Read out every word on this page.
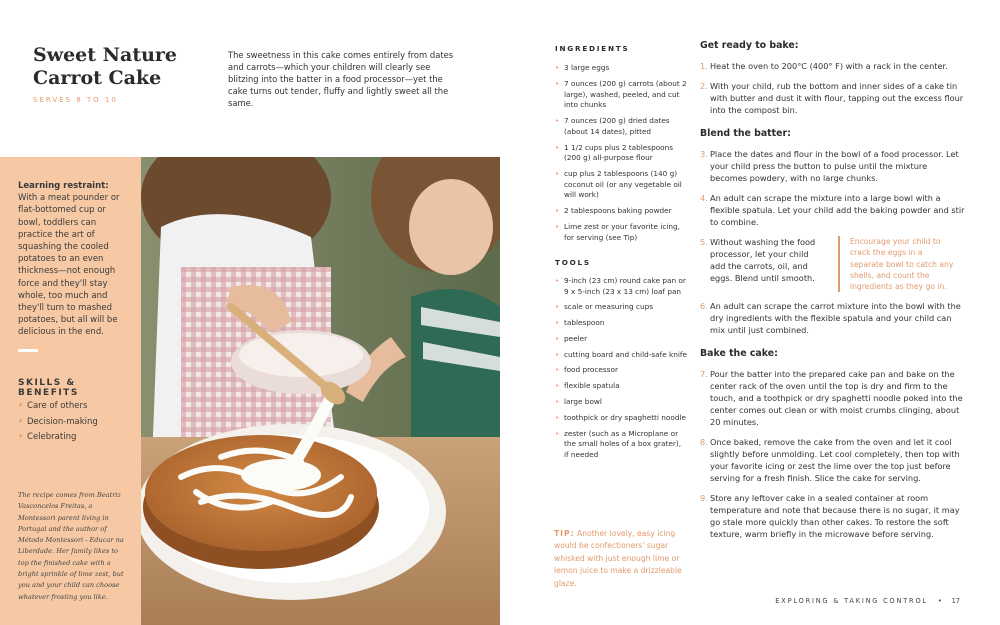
Sweet Nature Carrot Cake
SERVES 8 TO 10

The sweetness in this cake comes entirely from dates and carrots—which your children will clearly see blitzing into the batter in a food processor—yet the cake turns out tender, fluffy and lightly sweet all the same.

Learning restraint: With a meat pounder or flat-bottomed cup or bowl, toddlers can practice the art of squashing the cooled potatoes to an even thickness—not enough force and they'll stay whole, too much and they'll turn to mashed potatoes, but all will be delicious in the end.

SKILLS & BENEFITS
• Care of others
• Decision-making
• Celebrating

The recipe comes from Beatriz Vasconcelos Freitas, a Montessori parent living in Portugal and the author of Método Montessori - Educar na Liberdade. Her family likes to top the finished cake with a bright sprinkle of lime zest, but you and your child can choose whatever frosting you like.

INGREDIENTS
• 3 large eggs
• 7 ounces (200 g) carrots (about 2 large), washed, peeled, and cut into chunks
• 7 ounces (200 g) dried dates (about 14 dates), pitted
• 1 1/2 cups plus 2 tablespoons (200 g) all-purpose flour
• cup plus 2 tablespoons (140 g) coconut oil (or any vegetable oil will work)
• 2 tablespoons baking powder
• Lime zest or your favorite icing, for serving (see Tip)
TOOLS
• 9-inch (23 cm) round cake pan or 9 x 5-inch (23 x 13 cm) loaf pan
• scale or measuring cups
• tablespoon
• peeler
• cutting board and child-safe knife
• food processor
• flexible spatula
• large bowl
• toothpick or dry spaghetti noodle
• zester (such as a Microplane or the small holes of a box grater), if needed

TIP: Another lovely, easy icing would be confectioners' sugar whisked with just enough lime or lemon juice to make a drizzleable glaze.

Get ready to bake:

1. Heat the oven to 200°C (400° F) with a rack in the center.

2. With your child, rub the bottom and inner sides of a cake tin with butter and dust it with flour, tapping out the excess flour into the compost bin.

Blend the batter:

3. Place the dates and flour in the bowl of a food processor. Let your child press the button to pulse until the mixture becomes powdery, with no large chunks.

4. An adult can scrape the mixture into a large bowl with a flexible spatula. Let your child add the baking powder and stir to combine.

5. Without washing the food processor, let your child add the carrots, oil, and eggs. Blend until smooth.

Encourage your child to crack the eggs in a separate bowl to catch any shells, and count the ingredients as they go in.

6. An adult can scrape the carrot mixture into the bowl with the dry ingredients with the flexible spatula and your child can mix until just combined.

Bake the cake:

7. Pour the batter into the prepared cake pan and bake on the center rack of the oven until the top is dry and firm to the touch, and a toothpick or dry spaghetti noodle poked into the center comes out clean or with moist crumbs clinging, about 20 minutes.

8. Once baked, remove the cake from the oven and let it cool slightly before unmolding. Let cool completely, then top with your favorite icing or zest the lime over the top just before serving for a fresh finish. Slice the cake for serving.

9. Store any leftover cake in a sealed container at room temperature and note that because there is no sugar, it may go stale more quickly than other cakes. To restore the soft texture, warm briefly in the microwave before serving.

EXPLORING & TAKING CONTROL • 17
